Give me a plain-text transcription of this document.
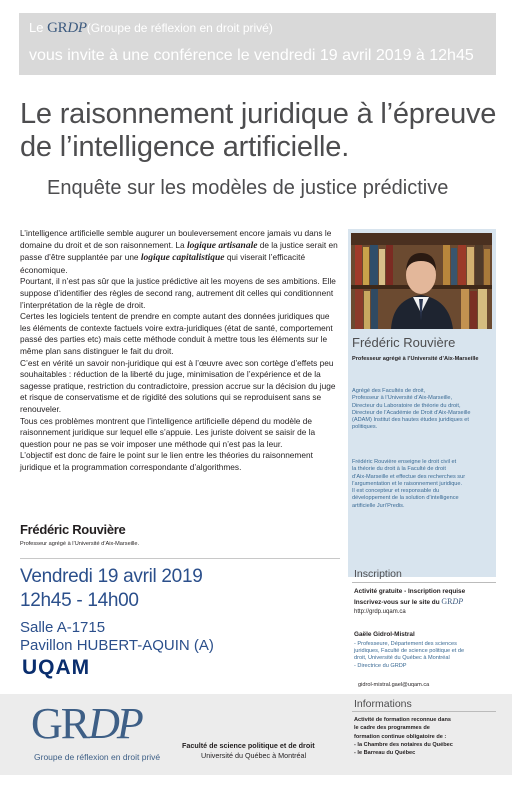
Le GRDP(Groupe de réflexion en droit privé)
vous invite à une conférence le vendredi 19 avril 2019 à 12h45
Le raisonnement juridique à l’épreuve de l’intelligence artificielle.
Enquête sur les modèles de justice prédictive

L’intelligence artificielle semble augurer un bouleversement encore jamais vu dans le domaine du droit et de son raisonnement. La logique artisanale de la justice serait en passe d’être supplantée par une logique capitalistique qui viserait l’efficacité économique.

Pourtant, il n’est pas sûr que la justice prédictive ait les moyens de ses ambitions. Elle suppose d’identifier des règles de second rang, autrement dit celles qui conditionnent l’interprétation de la règle de droit.

Certes les logiciels tentent de prendre en compte autant des données juridiques que les éléments de contexte factuels voire extra-juridiques (état de santé, comportement passé des parties etc) mais cette méthode conduit à mettre tous les éléments sur le même plan sans distinguer le fait du droit.

C’est en vérité un savoir non-juridique qui est à l’œuvre avec son cortège d’effets peu souhaitables : réduction de la liberté du juge, minimisation de l’expérience et de la sagesse pratique, restriction du contradictoire, pression accrue sur la décision du juge et risque de conservatisme et de rigidité des solutions qui se reproduisent sans se renouveler.

Tous ces problèmes montrent que l’intelligence artificielle dépend du modèle de raisonnement juridique sur lequel elle s’appuie. Les juriste doivent se saisir de la question pour ne pas se voir imposer une méthode qui n’est pas la leur.

L’objectif est donc de faire le point sur le lien entre les théories du raisonnement juridique et la programmation correspondante d’algorithmes.

Frédéric Rouvière
Professeur agrégé à l’Université d’Aix-Marseille

Agrégé des Facultés de droit,

Professeur à l’Université d’Aix-Marseille,

Directeur du Laboratoire de théorie du droit,

Directeur de l’Académie de Droit d’Aix-Marseille

(ADAM) Institut des hautes études juridiques et

politiques.

Frédéric Rouvière enseigne le droit civil et

la théorie du droit à la Faculté de droit

d’Aix-Marseille et effectue des recherches sur

l’argumentation et le raisonnement juridique.

Il est concepteur et responsable du

développement de la solution d’intelligence

artificielle Juri’Predis.

Frédéric Rouvière
Professeur agrégé à l’Université d’Aix-Marseille.
Vendredi 19 avril 2019
12h45 - 14h00
Salle A-1715
Pavillon HUBERT-AQUIN (A)
UQAM
GRDP
Groupe de réflexion en droit privé
Faculté de science politique et de droit
Université du Québec à Montréal
Inscription
Activité gratuite - Inscription requise
Inscrivez-vous sur le site du GRDP
http://grdp.uqam.ca
Gaële Gidrol-Mistral

- Professeure, Département des sciences

juridiques, Faculté de science politique et de

droit, Université du Québec à Montréal

- Directrice du GRDP

gidrol-mistral.gael@uqam.ca
Informations

Activité de formation reconnue dans

le cadre des programmes de

formation continue obligatoire de :

- la Chambre des notaires du Québec

- le Barreau du Québec
